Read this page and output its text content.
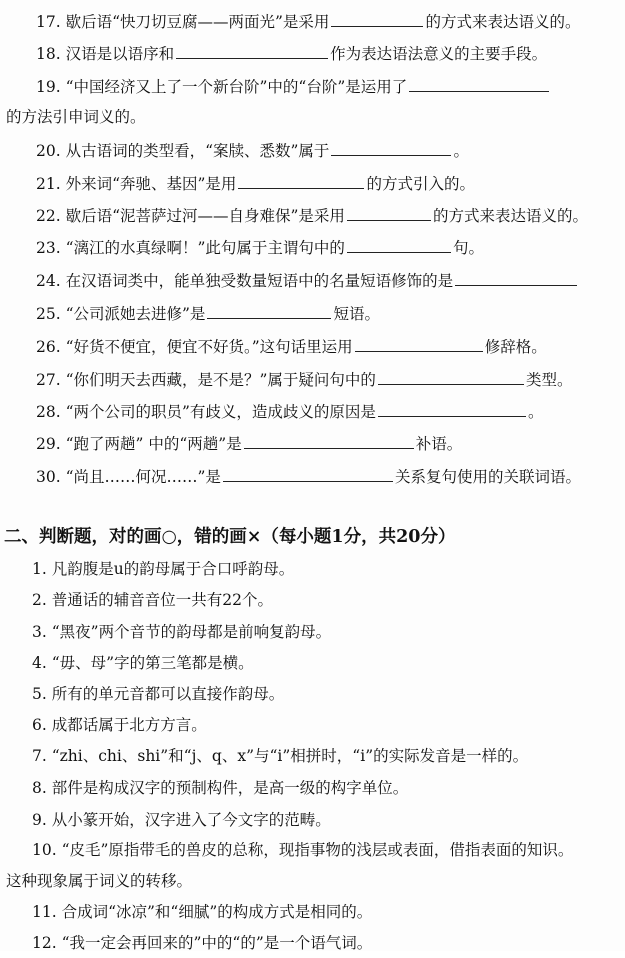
17. 歇后语“快刀切豆腐——两面光”是采用	的方式来表达语义的。
18. 汉语是以语序和	作为表达语法意义的主要手段。
19. “中国经济又上了一个新台阶”中的“台阶”是运用了
的方法引申词义的。
20. 从古语词的类型看，“案牍、悉数”属于	。
21. 外来词“奔驰、基因”是用	的方式引入的。
22. 歇后语“泥菩萨过河——自身难保”是采用	的方式来表达语义的。
23. “漓江的水真绿啊！”此句属于主谓句中的	句。
24. 在汉语词类中，能单独受数量短语中的名量短语修饰的是
25. “公司派她去进修”是	短语。
26. “好货不便宜，便宜不好货。”这句话里运用	修辞格。
27. “你们明天去西藏，是不是？”属于疑问句中的	类型。
28. “两个公司的职员”有歧义，造成歧义的原因是	。
29. “跑了两趟” 中的“两趟”是	补语。
30. “尚且……何况……”是	关系复句使用的关联词语。
二、判断题，对的画○，错的画×（每小题1分，共20分）
1. 凡韵腹是u的韵母属于合口呼韵母。
2. 普通话的辅音音位一共有22个。
3. “黑夜”两个音节的韵母都是前响复韵母。
4. “毋、母”字的第三笔都是横。
5. 所有的单元音都可以直接作韵母。
6. 成都话属于北方方言。
7. “zhi、chi、shi”和“j、q、x”与“i”相拼时，“i”的实际发音是一样的。
8. 部件是构成汉字的预制构件，是高一级的构字单位。
9. 从小篆开始，汉字进入了今文字的范畴。
10. “皮毛”原指带毛的兽皮的总称，现指事物的浅层或表面，借指表面的知识。
这种现象属于词义的转移。
11. 合成词“冰凉”和“细腻”的构成方式是相同的。
12. “我一定会再回来的”中的“的”是一个语气词。
